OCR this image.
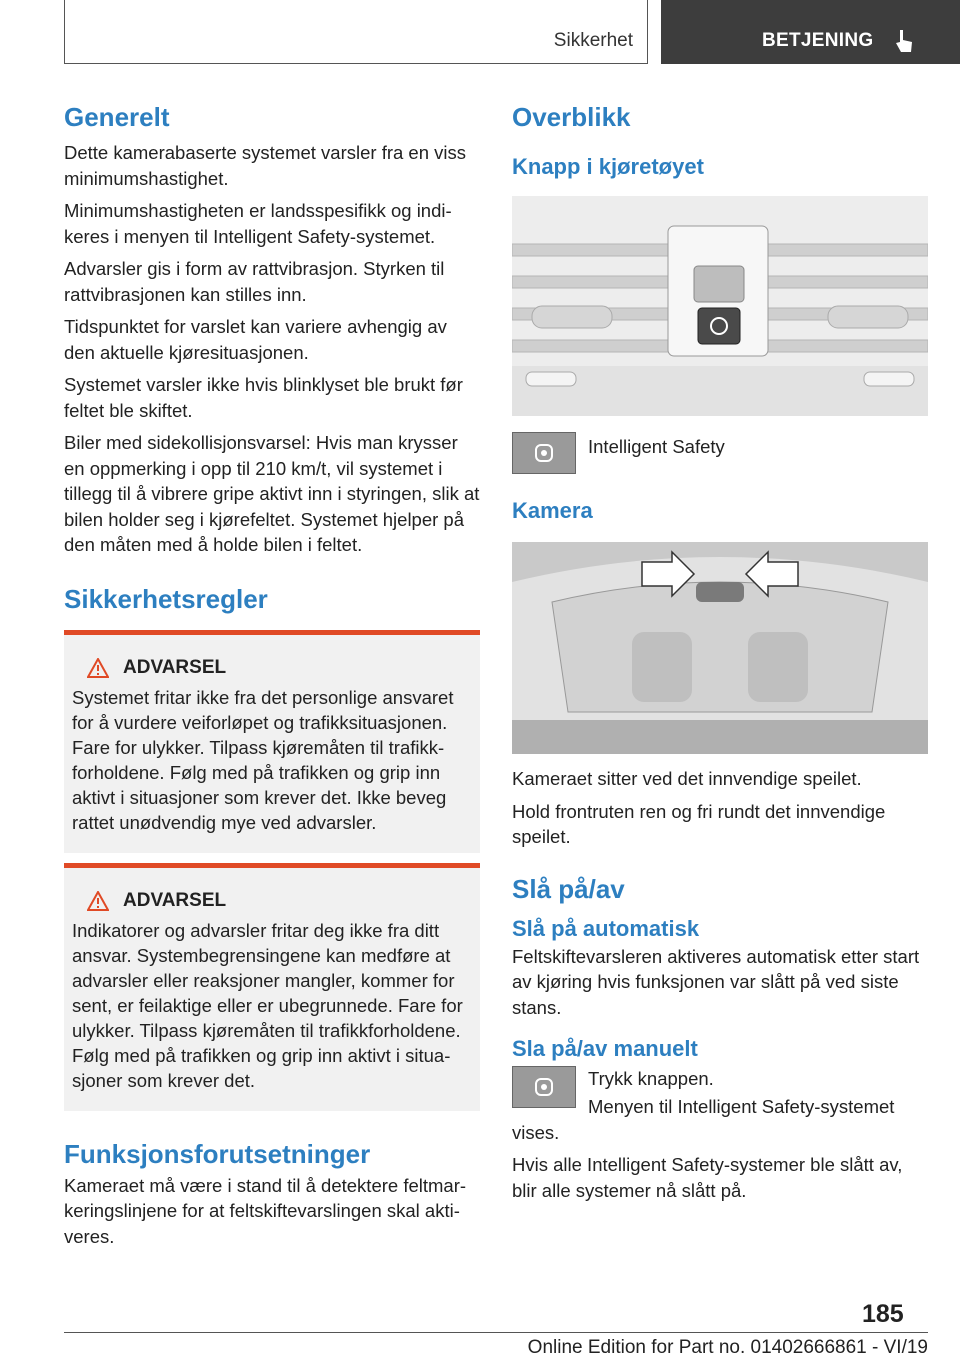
Sikkerhet	BETJENING
Generelt

Dette kamerabaserte systemet varsler fra en viss minimumshastighet.

Minimumshastigheten er landsspesifikk og indikeres i menyen til Intelligent Safety-systemet.

Advarsler gis i form av rattvibrasjon. Styrken til rattvibrasjonen kan stilles inn.

Tidspunktet for varslet kan variere avhengig av den aktuelle kjøresituasjonen.

Systemet varsler ikke hvis blinklyset ble brukt før feltet ble skiftet.

Biler med sidekollisjonsvarsel: Hvis man krysser en oppmerking i opp til 210 km/t, vil systemet i tillegg til å vibrere gripe aktivt inn i styringen, slik at bilen holder seg i kjørefeltet. Systemet hjelper på den måten med å holde bilen i feltet.

Sikkerhetsregler
ADVARSEL

Systemet fritar ikke fra det personlige ansvaret for å vurdere veiforløpet og trafikksituasjonen. Fare for ulykker. Tilpass kjøremåten til trafikkforholdene. Følg med på trafikken og grip inn aktivt i situasjoner som krever det. Ikke beveg rattet unødvendig mye ved advarsler.

ADVARSEL

Indikatorer og advarsler fritar deg ikke fra ditt ansvar. Systembegrensingene kan medføre at advarsler eller reaksjoner mangler, kommer for sent, er feilaktige eller er ubegrunnede. Fare for ulykker. Tilpass kjøremåten til trafikkforholdene. Følg med på trafikken og grip inn aktivt i situasjoner som krever det.

Funksjonsforutsetninger

Kameraet må være i stand til å detektere feltmarkeringslinjene for at feltskiftevarslingen skal aktiveres.

Overblikk
Knapp i kjøretøyet

Intelligent Safety

Kamera

Kameraet sitter ved det innvendige speilet.

Hold frontruten ren og fri rundt det innvendige speilet.

Slå på/av
Slå på automatisk

Feltskiftevarsleren aktiveres automatisk etter start av kjøring hvis funksjonen var slått på ved siste stans.

Sla på/av manuelt

Trykk knappen.

Menyen til Intelligent Safety-systemet vises.

Hvis alle Intelligent Safety-systemer ble slått av, blir alle systemer nå slått på.

185
Online Edition for Part no. 01402666861 - VI/19
